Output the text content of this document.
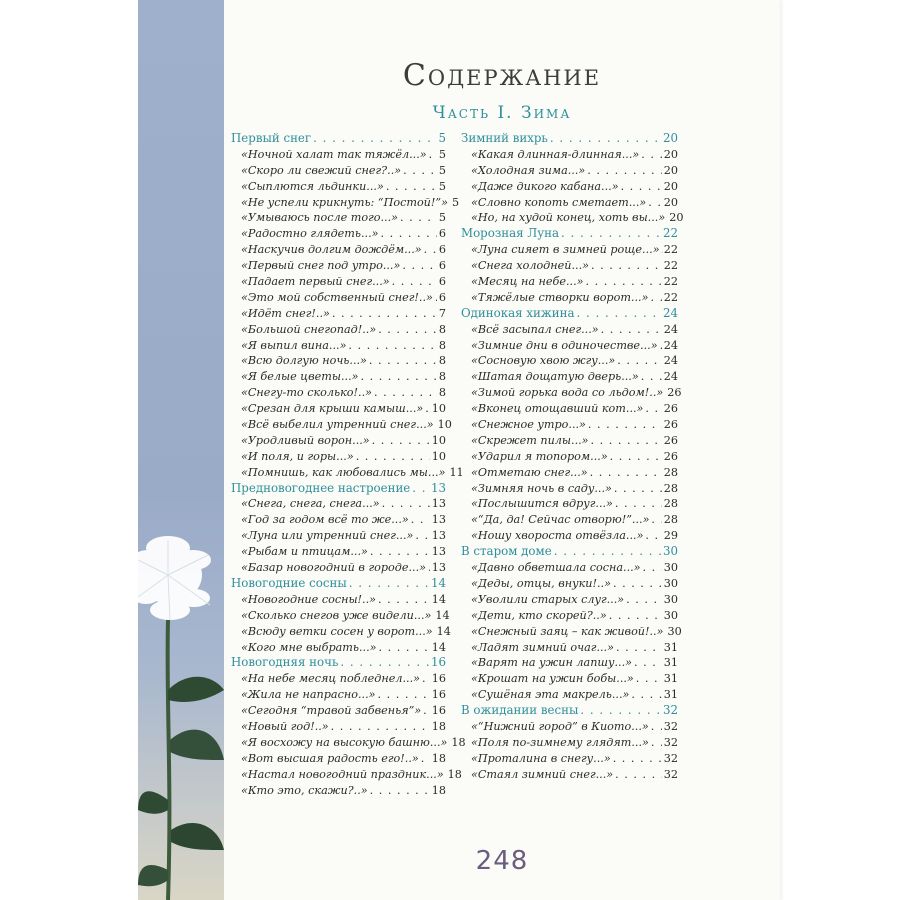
Содержание
Часть I. Зима
Первый снег . . .	5
«Ночной халат так тяжёл...» . . . 5
«Скоро ли свежий снег?..» . . .	5
«Сыплются льдинки...» . . .	5
«Не успели крикнуть: “Постой!”» 5
«Умываюсь после того...» . . .	5
«Радостно глядеть...» . . .	6
«Наскучив долгим дождём...» . . . 6
«Первый снег под утро...» . . .	6
«Падает первый снег...» . . .	6
«Это мой собственный снег!..» . . . 6
«Идёт снег!..» . . .	7
«Большой снегопад!..» . . .	8
«Я выпил вина...» . . .	8
«Всю долгую ночь...» . . .	8
«Я белые цветы...» . . .	8
«Снегу-то сколько!..» . . .	8
«Срезан для крыши камыш...» . . . 10
«Всё выбелил утренний снег...» 10
«Уродливый ворон...» . . .	10
«И поля, и горы...» . . .	10
«Помнишь, как любовались мы...» 11
Предновогоднее настроение . . . 13
«Снега, снега, снега...» . . .	13
«Год за годом всё то же...» . . . 13
«Луна или утренний снег...» . . . 13
«Рыбам и птицам...» . . .	13
«Базар новогодний в городе...» . . . 13
Новогодние сосны . . .	14
«Новогодние сосны!..» . . .	14
«Сколько снегов уже видели...» 14
«Всюду ветки сосен у ворот...» 14
«Кого мне выбрать...» . . .	14
Новогодняя ночь . . .	16
«На небе месяц побледнел...» . . . 16
«Жила не напрасно...» . . .	16
«Сегодня “травой забвенья”» . . . 16
«Новый год!..» . . .	18
«Я восхожу на высокую башню...» 18
«Вот высшая радость его!..» . . . 18
«Настал новогодний праздник...» 18
«Кто это, скажи?..» . . .	18
Зимний вихрь . . .	20
«Какая длинная-длинная...» . . . 20
«Холодная зима...» . . .	20
«Даже дикого кабана...» . . .	20
«Словно копоть сметает...» . . . 20
«Но, на худой конец, хоть вы...» 20
Морозная Луна . . .	22
«Луна сияет в зимней роще...» . . . 22
«Снега холодней...» . . .	22
«Месяц на небе...» . . .	22
«Тяжёлые створки ворот...» . . . 22
Одинокая хижина . . .	24
«Всё засыпал снег...» . . .	24
«Зимние дни в одиночестве...» . . . 24
«Сосновую хвою жгу...» . . .	24
«Шатая дощатую дверь...» . . . 24
«Зимой горька вода со льдом!..» 26
«Вконец отощавший кот...» . . . 26
«Снежное утро...» . . .	26
«Скрежет пилы...» . . .	26
«Ударил я топором...» . . .	26
«Отметаю снег...» . . .	28
«Зимняя ночь в саду...» . . .	28
«Послышится вдруг...» . . .	28
«“Да, да! Сейчас отворю!”...» . . . 28
«Ношу хвороста отвёзла...» . . . 29
В старом доме . . .	30
«Давно обветшала сосна...» . . . 30
«Деды, отцы, внуки!..» . . .	30
«Уволили старых слуг...» . . .	30
«Дети, кто скорей?..» . . .	30
«Снежный заяц – как живой!..» 30
«Ладят зимний очаг...» . . .	31
«Варят на ужин лапшу...» . . .	31
«Крошат на ужин бобы...» . . .	31
«Сушёная эта макрель...» . . .	31
В ожидании весны . . .	32
«“Нижний город” в Киото...» . . . 32
«Поля по-зимнему глядят...» . . . 32
«Проталина в снегу...» . . .	32
«Стаял зимний снег...» . . .	32
248
